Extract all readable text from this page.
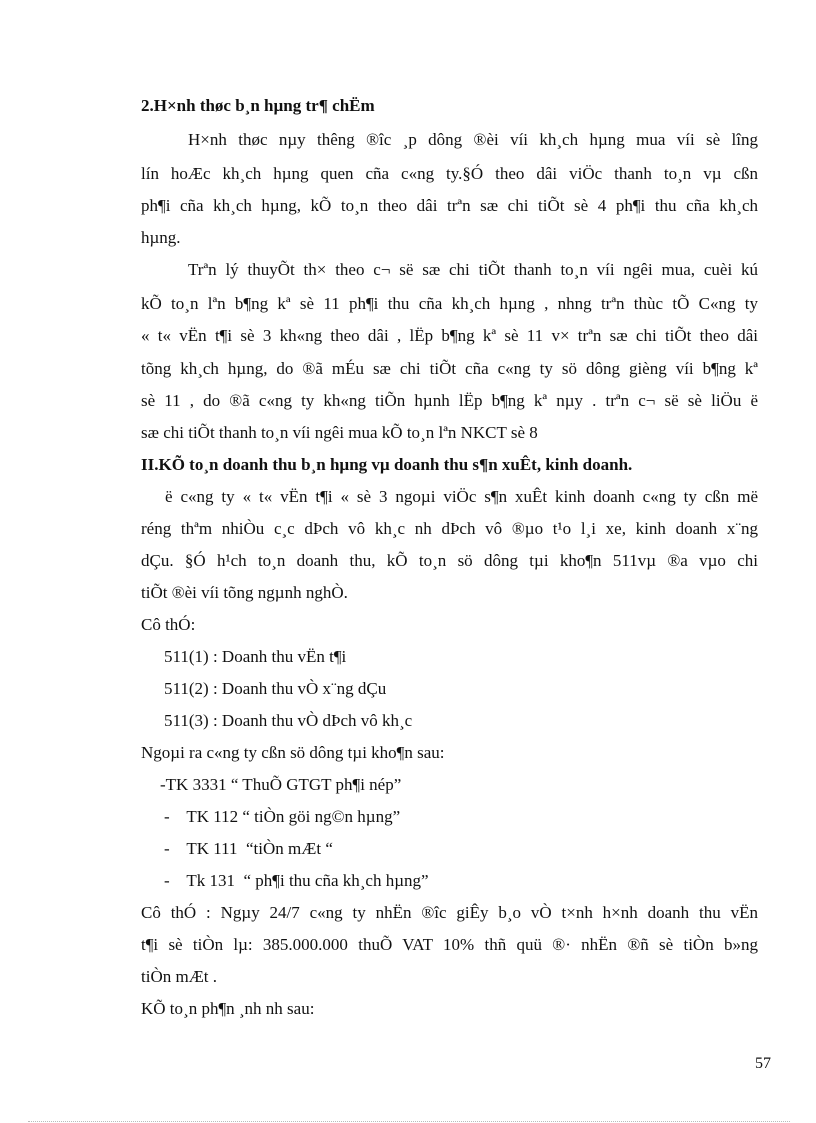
2.H×nh thøc b¸n hµng tr¶ chËm
H×nh thøc nµy thêng ®îc ¸p dông ®èi víi kh¸ch hµng mua víi sè lîng
lín hoÆc kh¸ch hµng quen cña c«ng ty.§Ó theo dâi viÖc thanh to¸n vµ cßn
ph¶i cña kh¸ch hµng, kÕ to¸n theo dâi trªn sæ chi tiÕt sè 4 ph¶i thu cña kh¸ch
hµng.
Trªn lý thuyÕt th× theo c¬ së sæ chi tiÕt thanh to¸n víi ngêi mua, cuèi kú
kÕ to¸n lªn b¶ng kª sè 11 ph¶i thu cña kh¸ch hµng , nhng trªn thùc tÕ C«ng ty
« t« vËn t¶i sè 3 kh«ng theo dâi , lËp b¶ng kª sè 11 v× trªn sæ chi tiÕt theo dâi
tõng kh¸ch hµng, do ®ã mÉu sæ chi tiÕt cña c«ng ty sö dông gièng víi b¶ng kª
sè 11 , do ®ã c«ng ty kh«ng tiÕn hµnh lËp b¶ng kª nµy . trªn c¬ së sè liÖu ë
sæ chi tiÕt thanh to¸n víi ngêi mua kÕ to¸n lªn NKCT sè 8
II.KÕ to¸n doanh thu b¸n hµng vµ doanh thu s¶n xuÊt, kinh doanh.
ë c«ng ty « t« vËn t¶i « sè 3 ngoµi viÖc s¶n xuÊt kinh doanh c«ng ty cßn më
réng thªm nhiÒu c¸c dÞch vô kh¸c nh dÞch vô ®µo t¹o l¸i xe, kinh doanh x¨ng
dÇu. §Ó h¹ch to¸n doanh thu, kÕ to¸n sö dông tµi kho¶n 511vµ ®a vµo chi
tiÕt ®èi víi tõng ngµnh nghÒ.
Cô thÓ:
511(1) : Doanh thu vËn t¶i
511(2) : Doanh thu vÒ x¨ng dÇu
511(3) : Doanh thu vÒ dÞch vô kh¸c
Ngoµi ra c«ng ty cßn sö dông tµi kho¶n sau:
-TK 3331 “ ThuÕ GTGT ph¶i nép”
-    TK 112 “ tiÒn göi ng©n hµng”
-    TK 111  “tiÒn mÆt “
-    Tk 131  “ ph¶i thu cña kh¸ch hµng”
Cô thÓ : Ngµy 24/7 c«ng ty nhËn ®îc giÊy b¸o vÒ t×nh h×nh doanh thu vËn
t¶i sè tiÒn lµ: 385.000.000 thuÕ VAT 10% thñ quü ®· nhËn ®ñ sè tiÒn b»ng
tiÒn mÆt .
KÕ to¸n ph¶n ¸nh nh sau:
57
